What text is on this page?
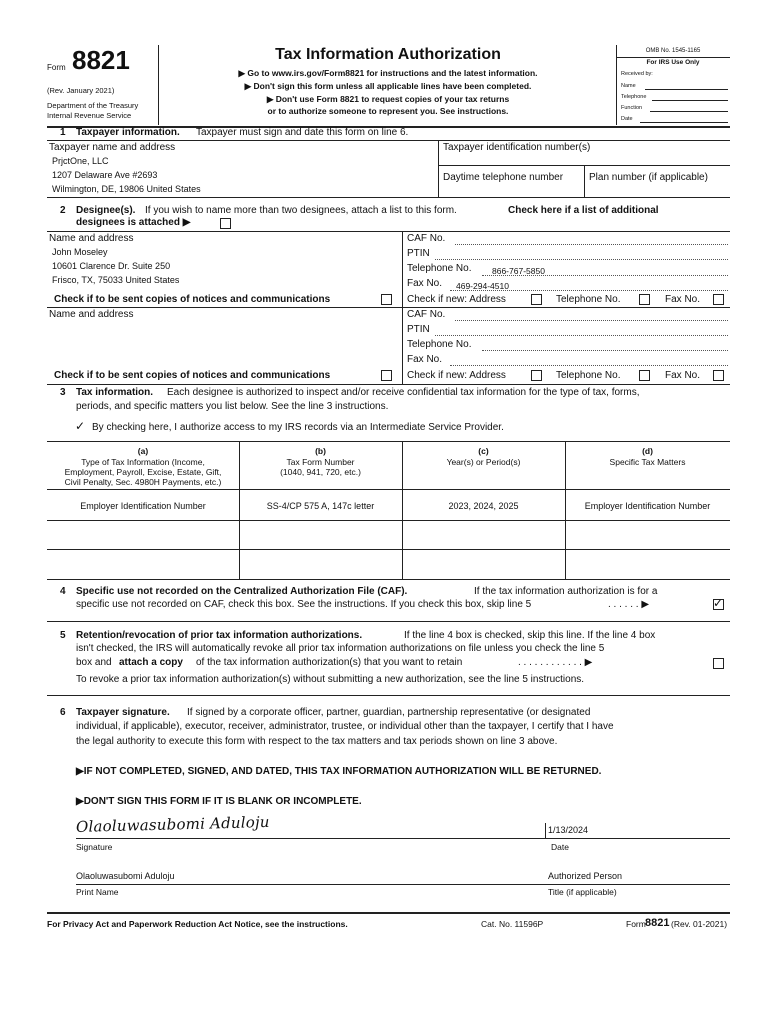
Form 8821
(Rev. January 2021)
Department of the Treasury
Internal Revenue Service
Tax Information Authorization
▶ Go to www.irs.gov/Form8821 for instructions and the latest information.
▶ Don't sign this form unless all applicable lines have been completed.
▶ Don't use Form 8821 to request copies of your tax returns
or to authorize someone to represent you. See instructions.
OMB No. 1545-1165
For IRS Use Only
Received by:
Name
Telephone
Function
Date
1 Taxpayer information. Taxpayer must sign and date this form on line 6.
Taxpayer name and address
PrjctOne, LLC
1207 Delaware Ave #2693
Wilmington, DE, 19806 United States
Taxpayer identification number(s)
Daytime telephone number	Plan number (if applicable)
2 Designee(s). If you wish to name more than two designees, attach a list to this form.	Check here if a list of additional
designees is attached ▶
Name and address
John Moseley
10601 Clarence Dr. Suite 250
Frisco, TX, 75033 United States
Check if to be sent copies of notices and communications
CAF No.
PTIN
Telephone No. 866-767-5850
Fax No. 469-294-4510
Check if new: Address	Telephone No.	Fax No.
Name and address
Check if to be sent copies of notices and communications
CAF No.
PTIN
Telephone No.
Fax No.
Check if new: Address	Telephone No.	Fax No.
3 Tax information. Each designee is authorized to inspect and/or receive confidential tax information for the type of tax, forms,
periods, and specific matters you list below. See the line 3 instructions.
✓ By checking here, I authorize access to my IRS records via an Intermediate Service Provider.
(a)
Type of Tax Information (Income,
Employment, Payroll, Excise, Estate, Gift,
Civil Penalty, Sec. 4980H Payments, etc.)
(b)
Tax Form Number
(1040, 941, 720, etc.)
(c)
Year(s) or Period(s)
(d)
Specific Tax Matters
Employer Identification Number	SS-4/CP 575 A, 147c letter	2023, 2024, 2025	Employer Identification Number
4 Specific use not recorded on the Centralized Authorization File (CAF).	If the tax information authorization is for a
specific use not recorded on CAF, check this box. See the instructions. If you check this box, skip line 5	. . . . . . ▶	✓
5 Retention/revocation of prior tax information authorizations.	If the line 4 box is checked, skip this line. If the line 4 box
isn't checked, the IRS will automatically revoke all prior tax information authorizations on file unless you check the line 5
box and attach a copy of the tax information authorization(s) that you want to retain	. . . . . . . . . . . . ▶
To revoke a prior tax information authorization(s) without submitting a new authorization, see the line 5 instructions.
6 Taxpayer signature. If signed by a corporate officer, partner, guardian, partnership representative (or designated
individual, if applicable), executor, receiver, administrator, trustee, or individual other than the taxpayer, I certify that I have
the legal authority to execute this form with respect to the tax matters and tax periods shown on line 3 above.
▶IF NOT COMPLETED, SIGNED, AND DATED, THIS TAX INFORMATION AUTHORIZATION WILL BE RETURNED.
▶DON'T SIGN THIS FORM IF IT IS BLANK OR INCOMPLETE.
Olaoluwasubomi Aduloju	1/13/2024
Signature	Date
Olaoluwasubomi Aduloju	Authorized Person
Print Name	Title (if applicable)
For Privacy Act and Paperwork Reduction Act Notice, see the instructions.	Cat. No. 11596P	Form 8821 (Rev. 01-2021)
